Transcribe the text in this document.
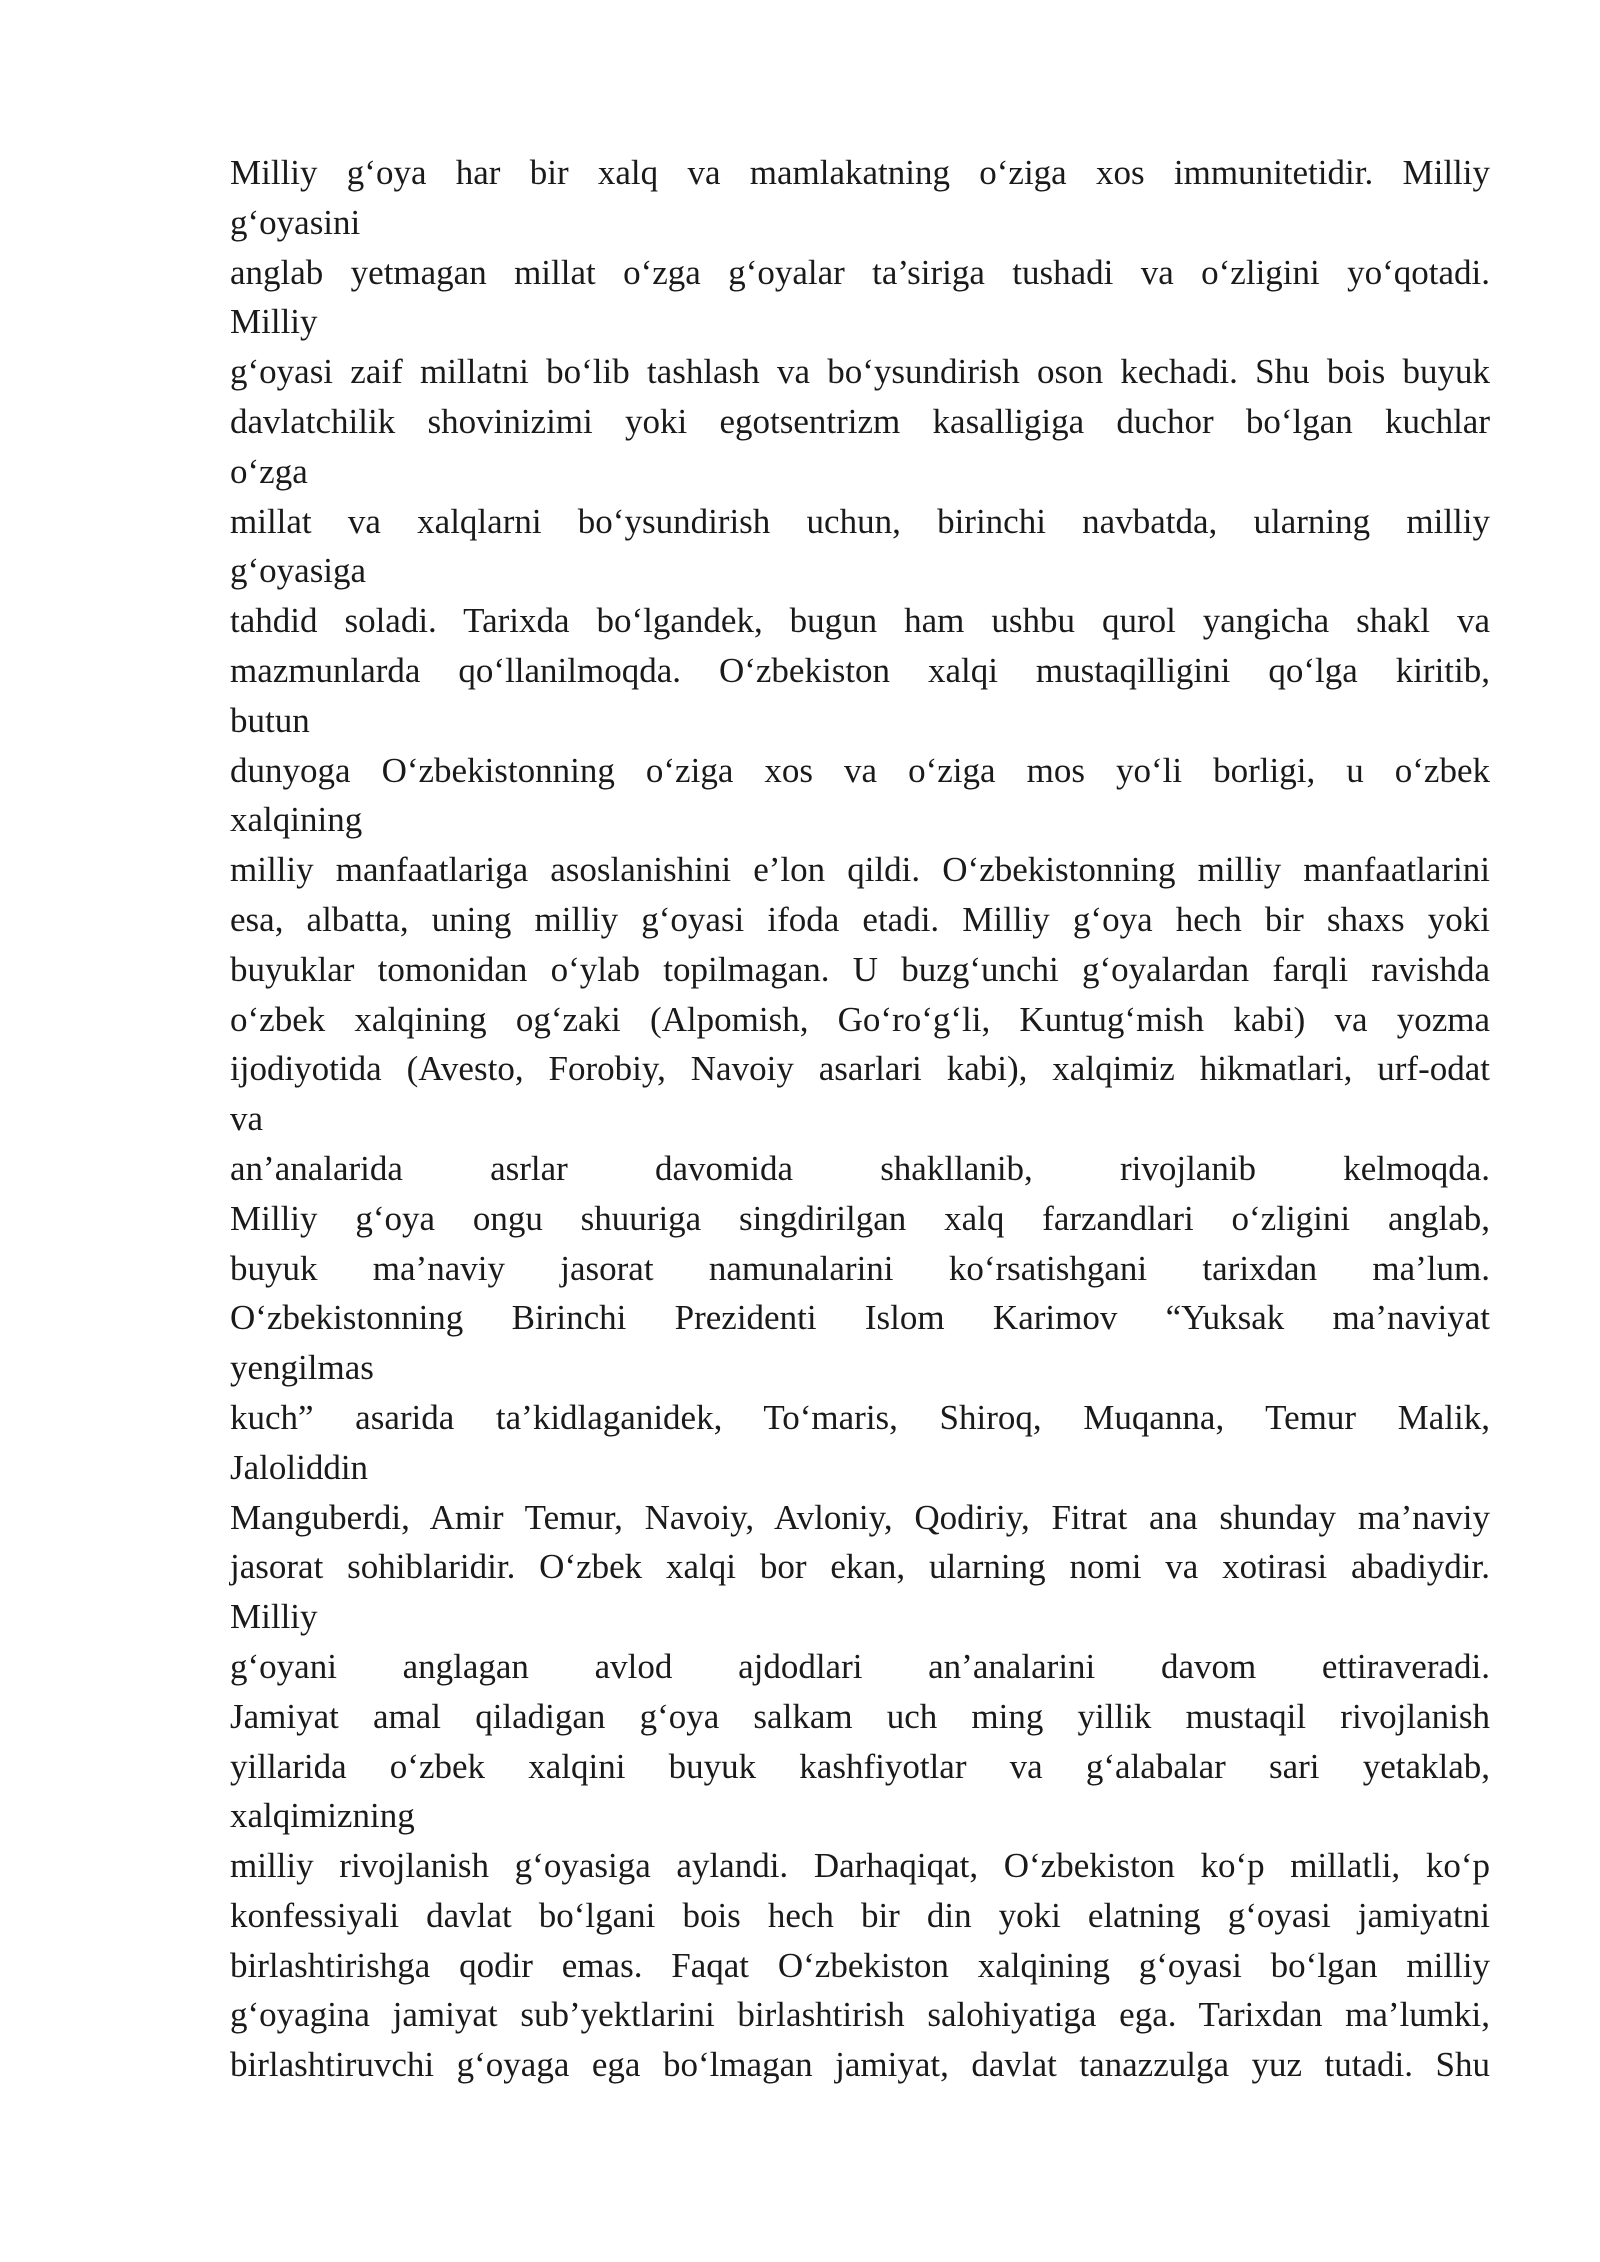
Milliy g‘oya har bir xalq va mamlakatning o‘ziga xos immunitetidir. Milliy
g‘oyasini
anglab yetmagan millat o‘zga g‘oyalar ta’siriga tushadi va o‘zligini yo‘qotadi.
Milliy
g‘oyasi zaif millatni bo‘lib tashlash va bo‘ysundirish oson kechadi. Shu bois buyuk
davlatchilik shovinizimi yoki egotsentrizm kasalligiga duchor bo‘lgan kuchlar
o‘zga
millat va xalqlarni bo‘ysundirish uchun, birinchi navbatda, ularning milliy
g‘oyasiga
tahdid soladi. Tarixda bo‘lgandek, bugun ham ushbu qurol yangicha shakl va
mazmunlarda qo‘llanilmoqda. O‘zbekiston xalqi mustaqilligini qo‘lga kiritib,
butun
dunyoga O‘zbekistonning o‘ziga xos va o‘ziga mos yo‘li borligi, u o‘zbek
xalqining
milliy manfaatlariga asoslanishini e’lon qildi. O‘zbekistonning milliy manfaatlarini
esa, albatta, uning milliy g‘oyasi ifoda etadi. Milliy g‘oya hech bir shaxs yoki
buyuklar tomonidan o‘ylab topilmagan. U buzg‘unchi g‘oyalardan farqli ravishda
o‘zbek xalqining og‘zaki (Alpomish, Go‘ro‘g‘li, Kuntug‘mish kabi) va yozma
ijodiyotida (Avesto, Forobiy, Navoiy asarlari kabi), xalqimiz hikmatlari, urf-odat
va
an’analarida asrlar davomida shakllanib, rivojlanib kelmoqda.
Milliy g‘oya ongu shuuriga singdirilgan xalq farzandlari o‘zligini anglab,
buyuk ma’naviy jasorat namunalarini ko‘rsatishgani tarixdan ma’lum.
O‘zbekistonning Birinchi Prezidenti Islom Karimov “Yuksak ma’naviyat
yengilmas
kuch” asarida ta’kidlaganidek, To‘maris, Shiroq, Muqanna, Temur Malik,
Jaloliddin
Manguberdi, Amir Temur, Navoiy, Avloniy, Qodiriy, Fitrat ana shunday ma’naviy
jasorat sohiblaridir. O‘zbek xalqi bor ekan, ularning nomi va xotirasi abadiydir.
Milliy
g‘oyani anglagan avlod ajdodlari an’analarini davom ettiraveradi.
Jamiyat amal qiladigan g‘oya salkam uch ming yillik mustaqil rivojlanish
yillarida o‘zbek xalqini buyuk kashfiyotlar va g‘alabalar sari yetaklab,
xalqimizning
milliy rivojlanish g‘oyasiga aylandi. Darhaqiqat, O‘zbekiston ko‘p millatli, ko‘p
konfessiyali davlat bo‘lgani bois hech bir din yoki elatning g‘oyasi jamiyatni
birlashtirishga qodir emas. Faqat O‘zbekiston xalqining g‘oyasi bo‘lgan milliy
g‘oyagina jamiyat sub’yektlarini birlashtirish salohiyatiga ega. Tarixdan ma’lumki,
birlashtiruvchi g‘oyaga ega bo‘lmagan jamiyat, davlat tanazzulga yuz tutadi. Shu
